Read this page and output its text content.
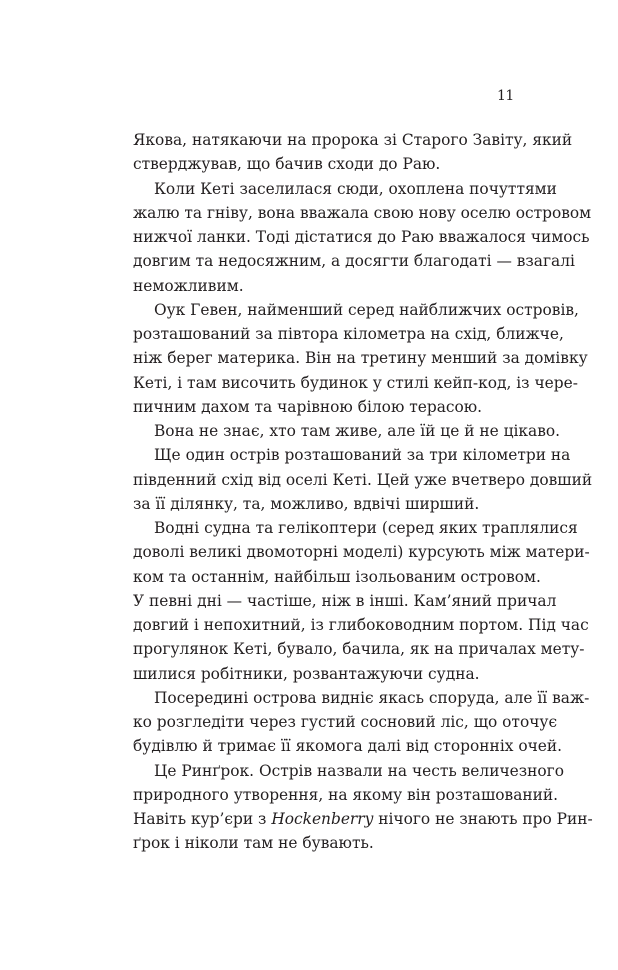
11

Якова, натякаючи на пророка зі Старого Завіту, який
стверджував, що бачив сходи до Раю.

Коли Кеті заселилася сюди, охоплена почуттями
жалю та гніву, вона вважала свою нову оселю островом
нижчої ланки. Тоді дістатися до Раю вважалося чимось
довгим та недосяжним, а досягти благодаті — взагалі
неможливим.

Оук Гевен, найменший серед найближчих островів,
розташований за півтора кілометра на схід, ближче,
ніж берег материка. Він на третину менший за домівку
Кеті, і там височить будинок у стилі кейп-код, із чере-
пичним дахом та чарівною білою терасою.

Вона не знає, хто там живе, але їй це й не цікаво.

Ще один острів розташований за три кілометри на
південний схід від оселі Кеті. Цей уже вчетверо довший
за її ділянку, та, можливо, вдвічі ширший.

Водні судна та гелікоптери (серед яких траплялися
доволі великі двомоторні моделі) курсують між матери-
ком та останнім, найбільш ізольованим островом.
У певні дні — частіше, ніж в інші. Кам’яний причал
довгий і непохитний, із глибоководним портом. Під час
прогулянок Кеті, бувало, бачила, як на причалах мету-
шилися робітники, розвантажуючи судна.

Посередині острова видніє якась споруда, але її важ-
ко розгледіти через густий сосновий ліс, що оточує
будівлю й тримає її якомога далі від сторонніх очей.

Це Ринґрок. Острів назвали на честь величезного
природного утворення, на якому він розташований.
Навіть кур’єри з Hockenberry нічого не знають про Рин-
ґрок і ніколи там не бувають.
